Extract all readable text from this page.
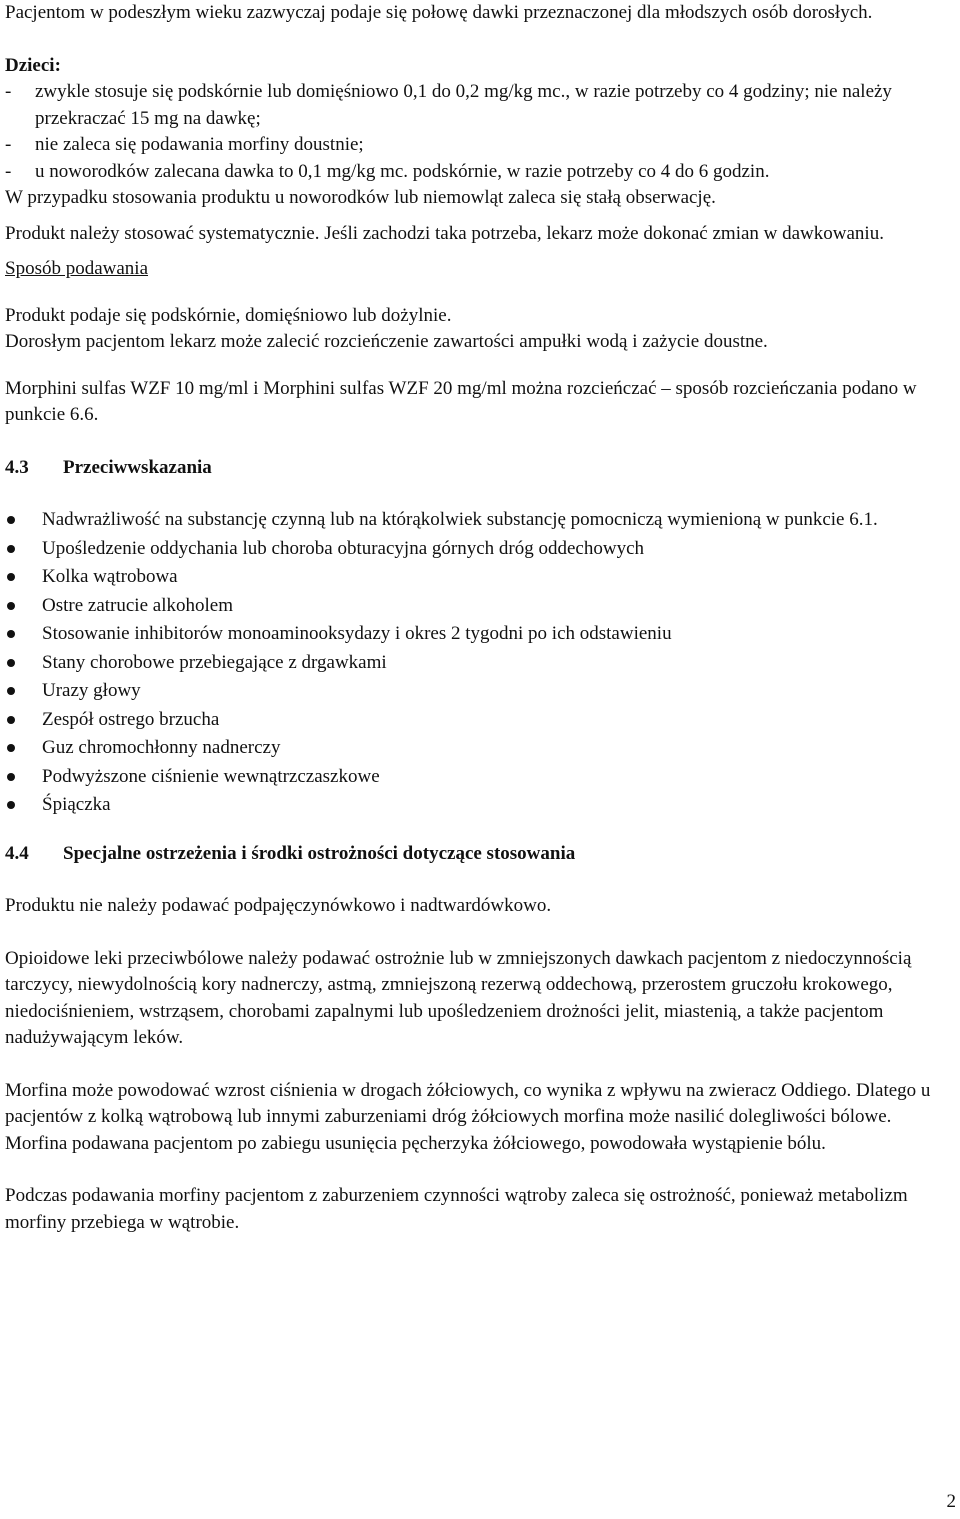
Pacjentom w podeszłym wieku zazwyczaj podaje się połowę dawki przeznaczonej dla młodszych osób dorosłych.

Dzieci:

-	zwykle stosuje się podskórnie lub domięśniowo 0,1 do 0,2 mg/kg mc., w razie potrzeby co 4 godziny; nie należy przekraczać 15 mg na dawkę;
-	nie zaleca się podawania morfiny doustnie;
-	u noworodków zalecana dawka to 0,1 mg/kg mc. podskórnie, w razie potrzeby co 4 do 6 godzin.

W przypadku stosowania produktu u noworodków lub niemowląt zaleca się stałą obserwację.

Produkt należy stosować systematycznie. Jeśli zachodzi taka potrzeba, lekarz może dokonać zmian w dawkowaniu.

Sposób podawania

Produkt podaje się podskórnie, domięśniowo lub dożylnie.

Dorosłym pacjentom lekarz może zalecić rozcieńczenie zawartości ampułki wodą i zażycie doustne.

Morphini sulfas WZF 10 mg/ml i Morphini sulfas WZF 20 mg/ml można rozcieńczać – sposób rozcieńczania podano w punkcie 6.6.

4.3	Przeciwwskazania
Nadwrażliwość na substancję czynną lub na którąkolwiek substancję pomocniczą wymienioną w punkcie 6.1.
Upośledzenie oddychania lub choroba obturacyjna górnych dróg oddechowych
Kolka wątrobowa
Ostre zatrucie alkoholem
Stosowanie inhibitorów monoaminooksydazy i okres 2 tygodni po ich odstawieniu
Stany chorobowe przebiegające z drgawkami
Urazy głowy
Zespół ostrego brzucha
Guz chromochłonny nadnerczy
Podwyższone ciśnienie wewnątrzczaszkowe
Śpiączka
4.4	Specjalne ostrzeżenia i środki ostrożności dotyczące stosowania

Produktu nie należy podawać podpajęczynówkowo i nadtwardówkowo.

Opioidowe leki przeciwbólowe należy podawać ostrożnie lub w zmniejszonych dawkach pacjentom z niedoczynnością tarczycy, niewydolnością kory nadnerczy, astmą, zmniejszoną rezerwą oddechową, przerostem gruczołu krokowego, niedociśnieniem, wstrząsem, chorobami zapalnymi lub upośledzeniem drożności jelit, miastenią, a także pacjentom nadużywającym leków.

Morfina może powodować wzrost ciśnienia w drogach żółciowych, co wynika z wpływu na zwieracz Oddiego. Dlatego u pacjentów z kolką wątrobową lub innymi zaburzeniami dróg żółciowych morfina może nasilić dolegliwości bólowe. Morfina podawana pacjentom po zabiegu usunięcia pęcherzyka żółciowego, powodowała wystąpienie bólu.

Podczas podawania morfiny pacjentom z zaburzeniem czynności wątroby zaleca się ostrożność, ponieważ metabolizm morfiny przebiega w wątrobie.

2
